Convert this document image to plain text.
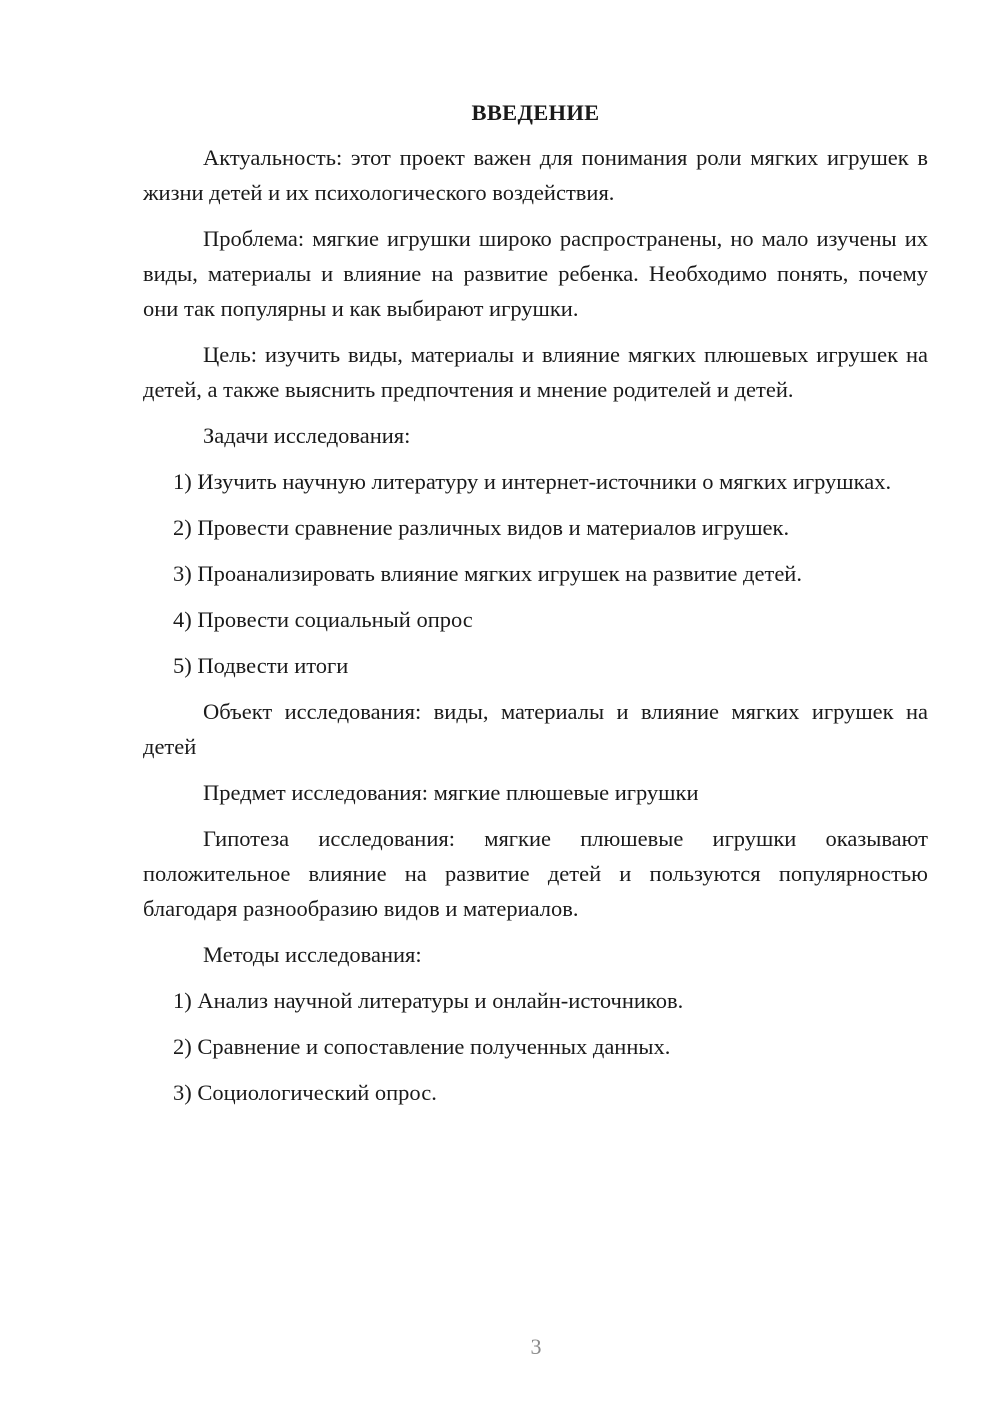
ВВЕДЕНИЕ

Актуальность: этот проект важен для понимания роли мягких игрушек в жизни детей и их психологического воздействия.

Проблема: мягкие игрушки широко распространены, но мало изучены их виды, материалы и влияние на развитие ребенка. Необходимо понять, почему они так популярны и как выбирают игрушки.

Цель: изучить виды, материалы и влияние мягких плюшевых игрушек на детей, а также выяснить предпочтения и мнение родителей и детей.

Задачи исследования:

1) Изучить научную литературу и интернет-источники о мягких игрушках.

2) Провести сравнение различных видов и материалов игрушек.

3) Проанализировать влияние мягких игрушек на развитие детей.

4) Провести социальный опрос

5) Подвести итоги

Объект исследования: виды, материалы и влияние мягких игрушек на детей

Предмет исследования: мягкие плюшевые игрушки

Гипотеза исследования: мягкие плюшевые игрушки оказывают положительное влияние на развитие детей и пользуются популярностью благодаря разнообразию видов и материалов.

Методы исследования:

1) Анализ научной литературы и онлайн-источников.

2) Сравнение и сопоставление полученных данных.

3) Социологический опрос.

3
